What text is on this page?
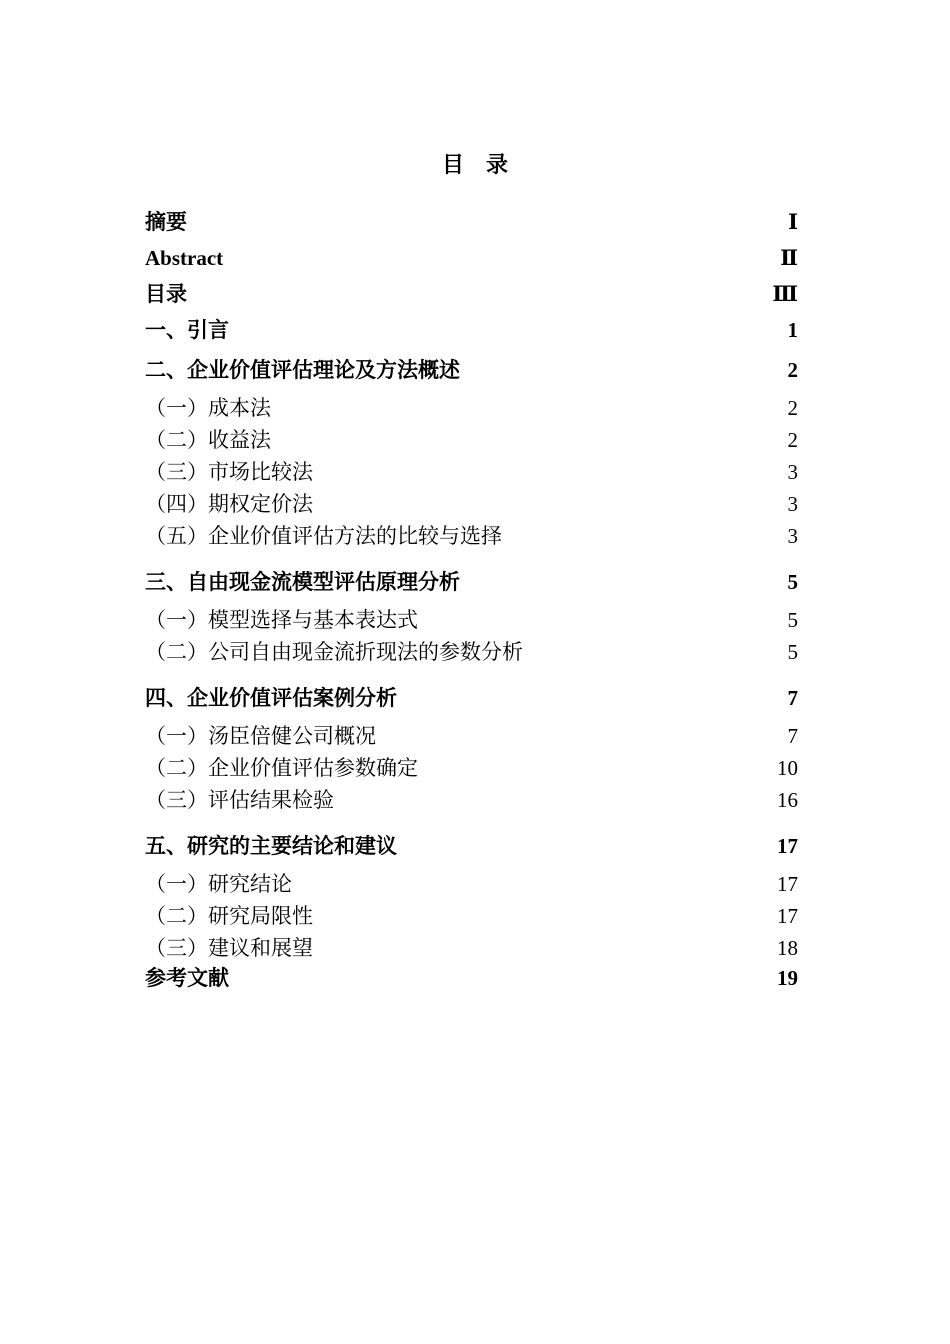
目　录
摘要	Ⅰ
Abstract	Ⅱ
目录	Ⅲ
一、引言	1
二、企业价值评估理论及方法概述	2
（一）成本法	2
（二）收益法	2
（三）市场比较法	3
（四）期权定价法	3
（五）企业价值评估方法的比较与选择	3
三、自由现金流模型评估原理分析	5
（一）模型选择与基本表达式	5
（二）公司自由现金流折现法的参数分析	5
四、企业价值评估案例分析	7
（一）汤臣倍健公司概况	7
（二）企业价值评估参数确定	10
（三）评估结果检验	16
五、研究的主要结论和建议	17
（一）研究结论	17
（二）研究局限性	17
（三）建议和展望	18
参考文献	19
